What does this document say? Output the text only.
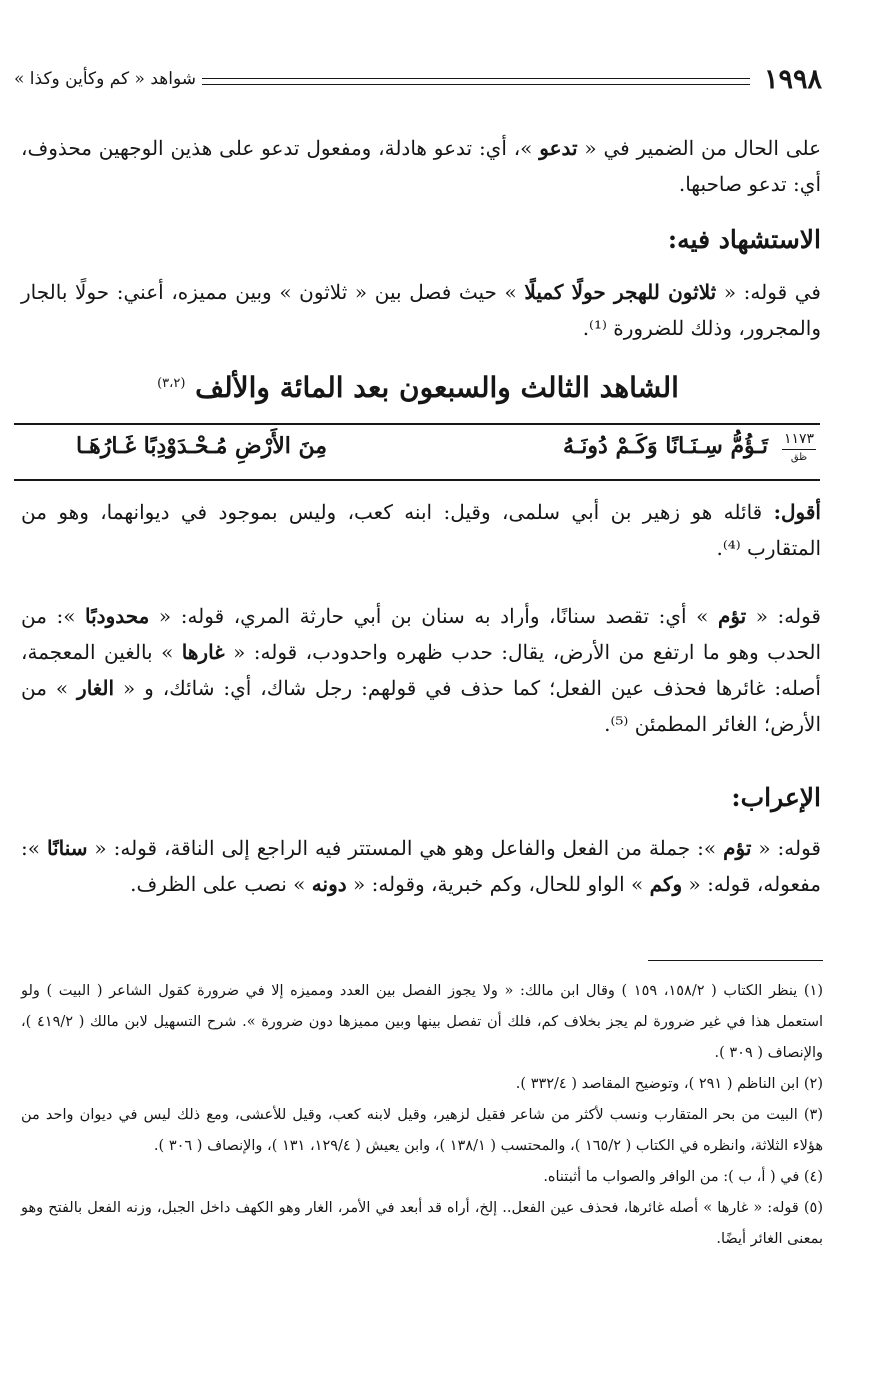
١٩٩٨
شواهد « كم وكأين وكذا »

على الحال من الضمير في « تدعو »، أي: تدعو هادلة، ومفعول تدعو على هذين الوجهين محذوف، أي: تدعو صاحبها.

الاستشهاد فيه:

في قوله: « ثلاثون للهجر حولًا كميلًا » حيث فصل بين « ثلاثون » وبين مميزه، أعني: حولًا بالجار والمجرور، وذلك للضرورة ⁽¹⁾.

الشاهد الثالث والسبعون بعد المائة والألف $^{(٣،٢)}$
١١٧٣
ظق
تَـؤُمُّ سِـنَـانًا وَكَـمْ دُونَـهُ
مِنَ الأَرْضِ مُـحْـدَوْدِبًا غَـارُهَـا

أقول: قائله هو زهير بن أبي سلمى، وقيل: ابنه كعب، وليس بموجود في ديوانهما، وهو من المتقارب ⁽⁴⁾.

قوله: « تؤم » أي: تقصد سنانًا، وأراد به سنان بن أبي حارثة المري، قوله: « محدودبًا »: من الحدب وهو ما ارتفع من الأرض، يقال: حدب ظهره واحدودب، قوله: « غارها » بالغين المعجمة، أصله: غائرها فحذف عين الفعل؛ كما حذف في قولهم: رجل شاك، أي: شائك، و « الغار » من الأرض؛ الغائر المطمئن ⁽⁵⁾.

الإعراب:

قوله: « تؤم »: جملة من الفعل والفاعل وهو هي المستتر فيه الراجع إلى الناقة، قوله: « سنانًا »: مفعوله، قوله: « وكم » الواو للحال، وكم خبرية، وقوله: « دونه » نصب على الظرف.

(١) ينظر الكتاب ( ١٥٨/٢، ١٥٩ ) وقال ابن مالك: « ولا يجوز الفصل بين العدد ومميزه إلا في ضرورة كقول الشاعر ( البيت ) ولو استعمل هذا في غير ضرورة لم يجز بخلاف كم، فلك أن تفصل بينها وبين مميزها دون ضرورة ». شرح التسهيل لابن مالك ( ٤١٩/٢ )، والإنصاف ( ٣٠٩ ).

(٢) ابن الناظم ( ٢٩١ )، وتوضيح المقاصد ( ٣٣٢/٤ ).

(٣) البيت من بحر المتقارب ونسب لأكثر من شاعر فقيل لزهير، وقيل لابنه كعب، وقيل للأعشى، ومع ذلك ليس في ديوان واحد من هؤلاء الثلاثة، وانظره في الكتاب ( ١٦٥/٢ )، والمحتسب ( ١٣٨/١ )، وابن يعيش ( ١٢٩/٤، ١٣١ )، والإنصاف ( ٣٠٦ ).

(٤) في ( أ، ب ): من الوافر والصواب ما أثبتناه.

(٥) قوله: « غارها » أصله غائرها، فحذف عين الفعل.. إلخ، أراه قد أبعد في الأمر، الغار وهو الكهف داخل الجبل، وزنه الفعل بالفتح وهو بمعنى الغائر أيضًا.
